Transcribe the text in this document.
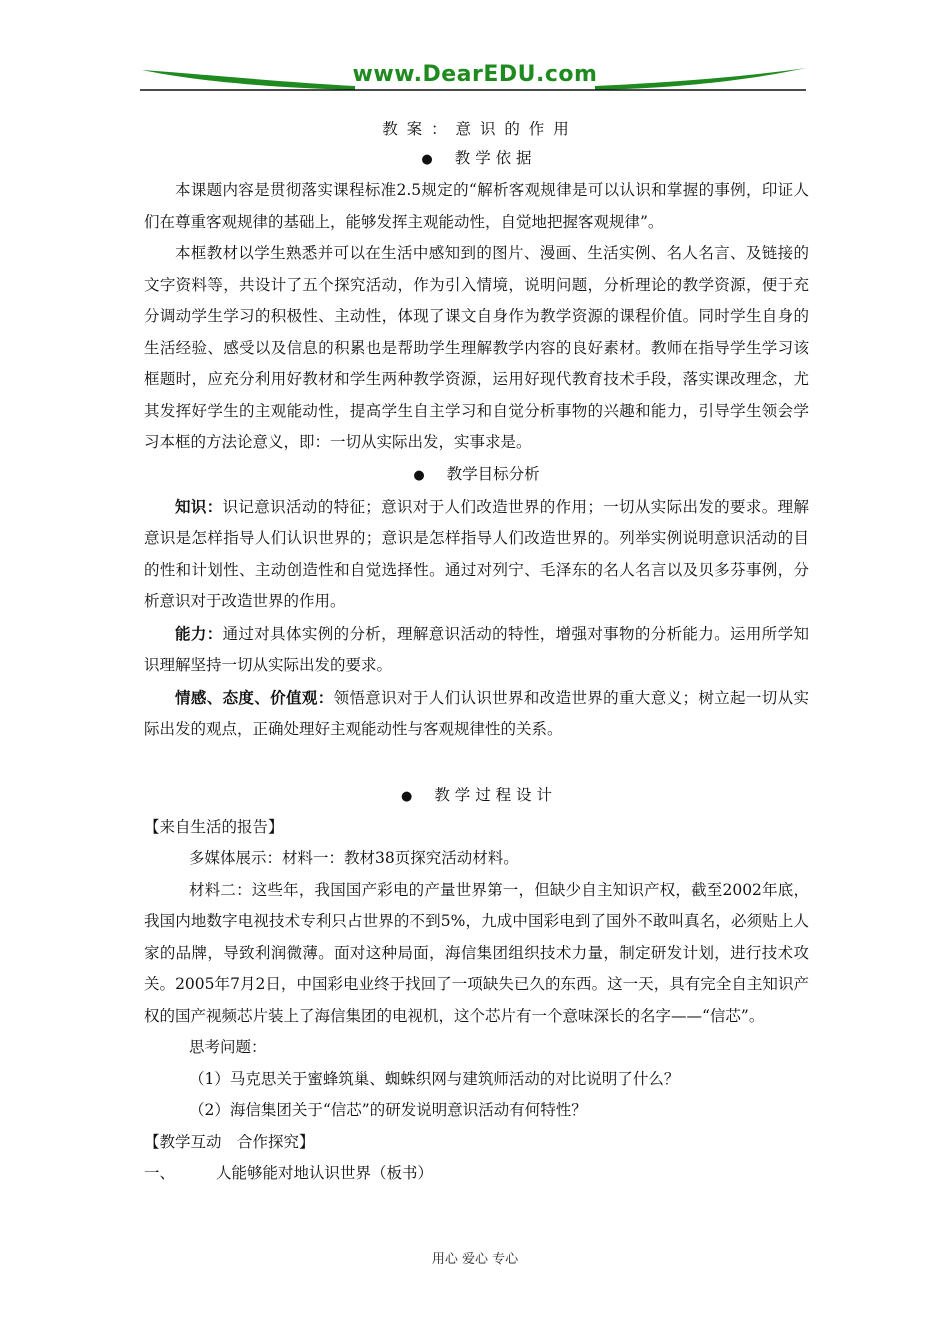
www.DearEDU.com
教 案 ： 意 识 的 作 用
● 教 学 依 据

本课题内容是贯彻落实课程标准2.5规定的“解析客观规律是可以认识和掌握的事例，印证人们在尊重客观规律的基础上，能够发挥主观能动性，自觉地把握客观规律”。

本框教材以学生熟悉并可以在生活中感知到的图片、漫画、生活实例、名人名言、及链接的文字资料等，共设计了五个探究活动，作为引入情境，说明问题，分析理论的教学资源，便于充分调动学生学习的积极性、主动性，体现了课文自身作为教学资源的课程价值。同时学生自身的生活经验、感受以及信息的积累也是帮助学生理解教学内容的良好素材。教师在指导学生学习该框题时，应充分利用好教材和学生两种教学资源，运用好现代教育技术手段，落实课改理念，尤其发挥好学生的主观能动性，提高学生自主学习和自觉分析事物的兴趣和能力，引导学生领会学习本框的方法论意义，即：一切从实际出发，实事求是。

● 教学目标分析

知识：识记意识活动的特征；意识对于人们改造世界的作用；一切从实际出发的要求。理解意识是怎样指导人们认识世界的；意识是怎样指导人们改造世界的。列举实例说明意识活动的目的性和计划性、主动创造性和自觉选择性。通过对列宁、毛泽东的名人名言以及贝多芬事例，分析意识对于改造世界的作用。

能力：通过对具体实例的分析，理解意识活动的特性，增强对事物的分析能力。运用所学知识理解坚持一切从实际出发的要求。

情感、态度、价值观：领悟意识对于人们认识世界和改造世界的重大意义；树立起一切从实际出发的观点，正确处理好主观能动性与客观规律性的关系。

● 教 学 过 程 设 计

【来自生活的报告】

多媒体展示：材料一：教材38页探究活动材料。

材料二：这些年，我国国产彩电的产量世界第一，但缺少自主知识产权，截至2002年底，我国内地数字电视技术专利只占世界的不到5%，九成中国彩电到了国外不敢叫真名，必须贴上人家的品牌，导致利润微薄。面对这种局面，海信集团组织技术力量，制定研发计划，进行技术攻关。2005年7月2日，中国彩电业终于找回了一项缺失已久的东西。这一天，具有完全自主知识产权的国产视频芯片装上了海信集团的电视机，这个芯片有一个意味深长的名字——“信芯”。

思考问题：

（1）马克思关于蜜蜂筑巢、蜘蛛织网与建筑师活动的对比说明了什么？

（2）海信集团关于“信芯”的研发说明意识活动有何特性？

【教学互动　合作探究】

一、	人能够能对地认识世界（板书）

用心 爱心 专心
